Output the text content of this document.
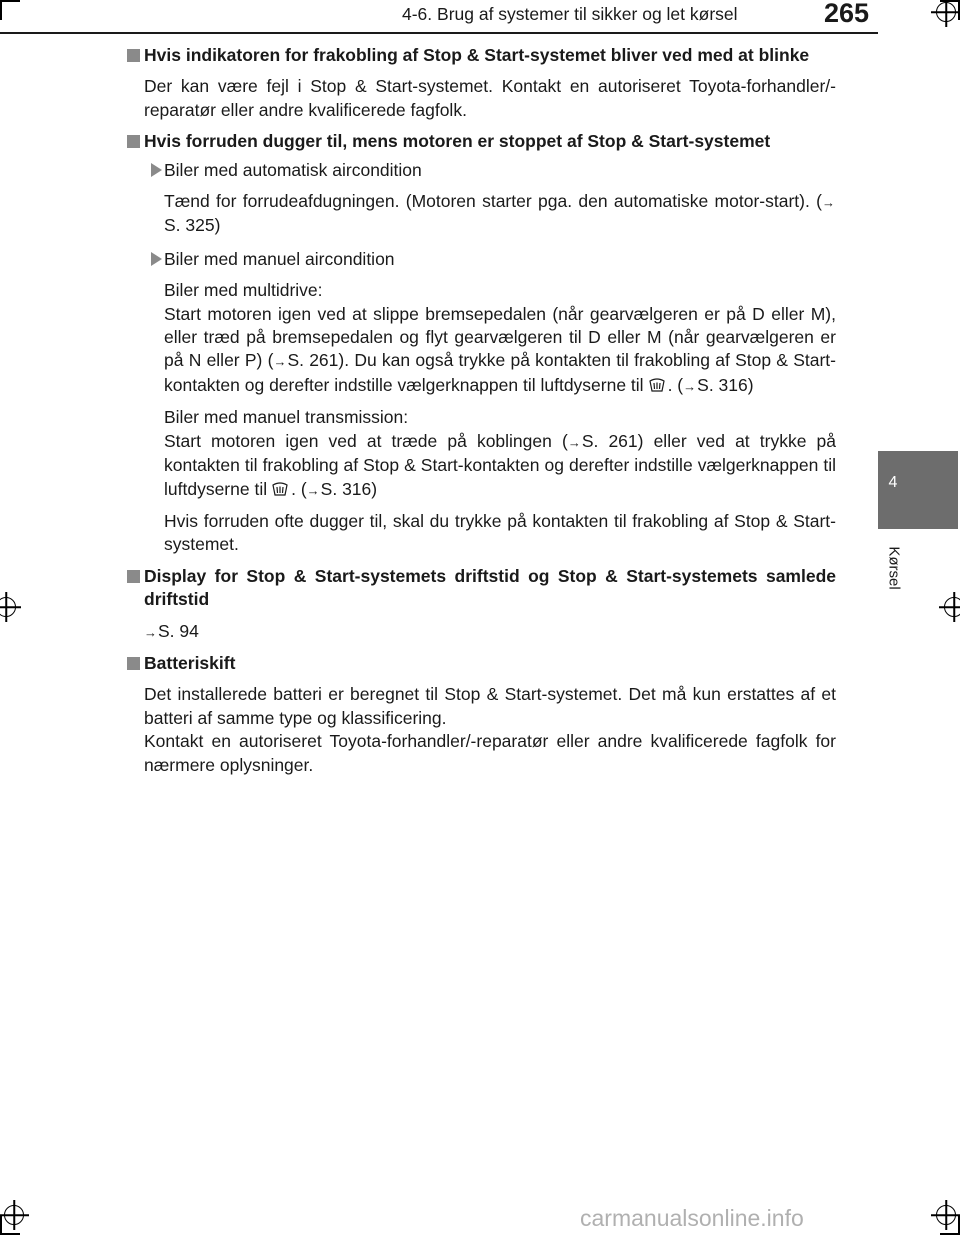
4-6. Brug af systemer til sikker og let kørsel	265
4
Kørsel
Hvis indikatoren for frakobling af Stop & Start-systemet bliver ved med at blinke
Der kan være fejl i Stop & Start-systemet. Kontakt en autoriseret Toyota-forhandler/-reparatør eller andre kvalificerede fagfolk.
Hvis forruden dugger til, mens motoren er stoppet af Stop & Start-systemet
Biler med automatisk aircondition
Tænd for forrudeafdugningen. (Motoren starter pga. den automatiske motor-start). (→S. 325)
Biler med manuel aircondition
Biler med multidrive:
Start motoren igen ved at slippe bremsepedalen (når gearvælgeren er på D eller M), eller træd på bremsepedalen og flyt gearvælgeren til D eller M (når gearvælgeren er på N eller P) (→S. 261). Du kan også trykke på kontakten til frakobling af Stop & Start-kontakten og derefter indstille vælgerknappen til luftdyserne til . (→S. 316)
Biler med manuel transmission:
Start motoren igen ved at træde på koblingen (→S. 261) eller ved at trykke på kontakten til frakobling af Stop & Start-kontakten og derefter indstille vælgerknappen til luftdyserne til . (→S. 316)
Hvis forruden ofte dugger til, skal du trykke på kontakten til frakobling af Stop & Start-systemet.
Display for Stop & Start-systemets driftstid og Stop & Start-systemets samlede driftstid
→S. 94
Batteriskift
Det installerede batteri er beregnet til Stop & Start-systemet. Det må kun erstattes af et batteri af samme type og klassificering.
Kontakt en autoriseret Toyota-forhandler/-reparatør eller andre kvalificerede fagfolk for nærmere oplysninger.
carmanualsonline.info
